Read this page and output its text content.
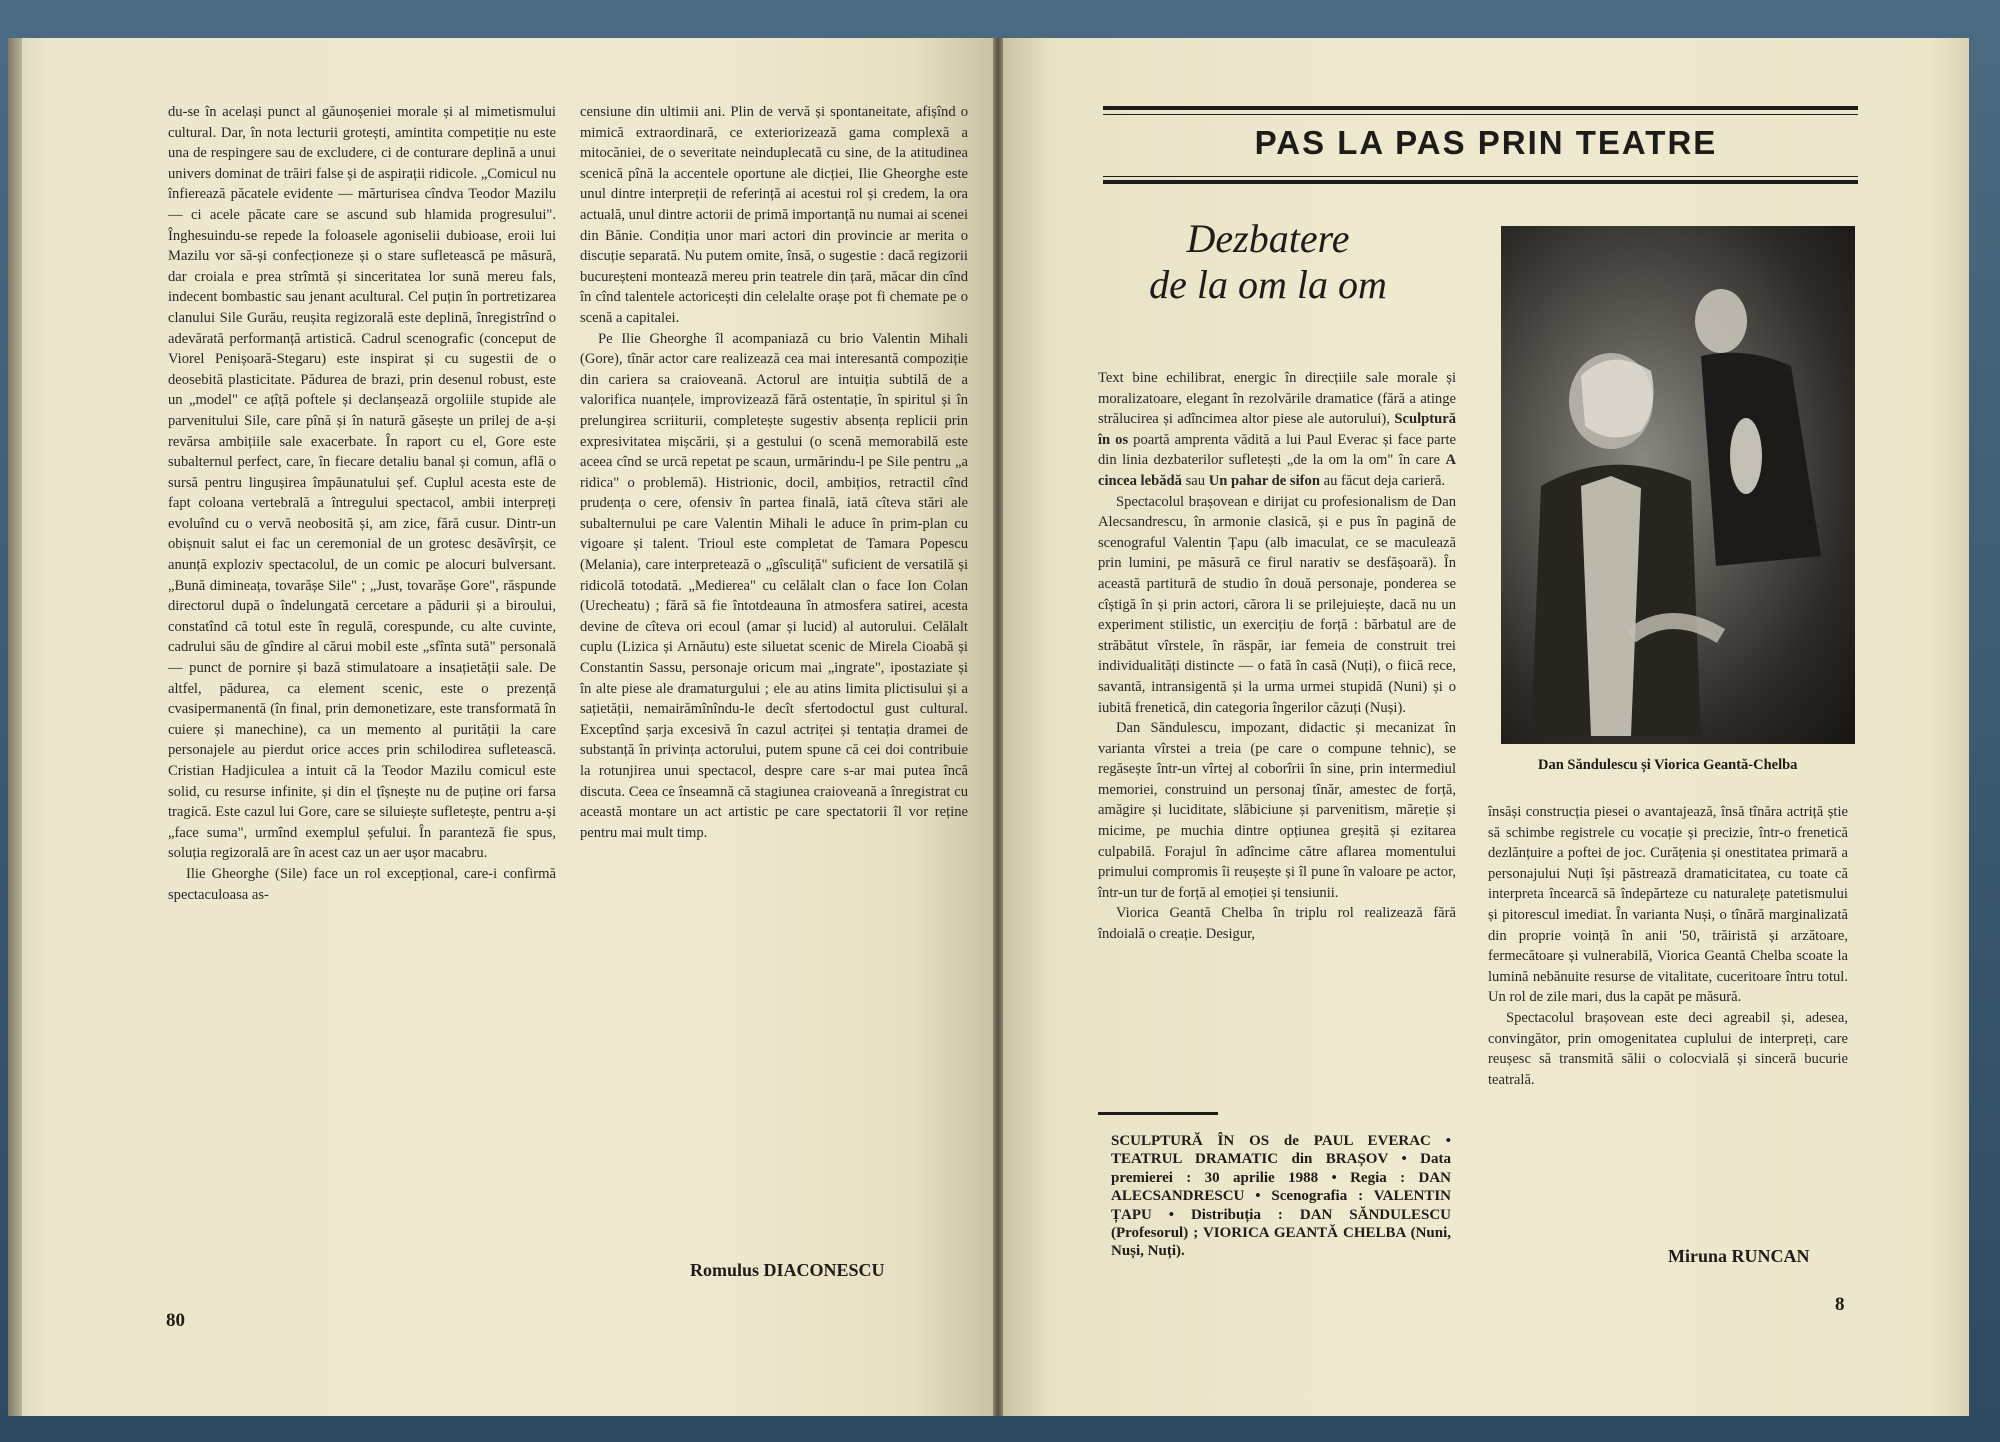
du-se în același punct al găunoșeniei morale și al mimetismului cultural. Dar, în nota lecturii grotești, amintita competiție nu este una de respingere sau de excludere, ci de conturare deplină a unui univers dominat de trăiri false și de aspirații ridicole. „Comicul nu înfierează păcatele evidente — mărturisea cîndva Teodor Mazilu — ci acele păcate care se ascund sub hlamida progresului". Înghesuindu-se repede la foloasele agoniselii dubioase, eroii lui Mazilu vor să-și confecționeze și o stare sufletească pe măsură, dar croiala e prea strîmtă și sinceritatea lor sună mereu fals, indecent bombastic sau jenant acultural. Cel puțin în portretizarea clanului Sile Gurău, reușita regizorală este deplină, înregistrînd o adevărată performanță artistică. Cadrul scenografic (conceput de Viorel Penișoară-Stegaru) este inspirat și cu sugestii de o deosebită plasticitate. Pădurea de brazi, prin desenul robust, este un „model" ce ațîță poftele și declanșează orgoliile stupide ale parvenitului Sile, care pînă și în natură găsește un prilej de a-și revărsa ambițiile sale exacerbate. În raport cu el, Gore este subalternul perfect, care, în fiecare detaliu banal și comun, află o sursă pentru lingușirea împăunatului șef. Cuplul acesta este de fapt coloana vertebrală a întregului spectacol, ambii interpreți evoluînd cu o vervă neobosită și, am zice, fără cusur. Dintr-un obișnuit salut ei fac un ceremonial de un grotesc desăvîrșit, ce anunță exploziv spectacolul, de un comic pe alocuri bulversant. „Bună dimineața, tovarășe Sile" ; „Just, tovarășe Gore", răspunde directorul după o îndelungată cercetare a pădurii și a biroului, constatînd că totul este în regulă, corespunde, cu alte cuvinte, cadrului său de gîndire al cărui mobil este „sfînta sută" personală — punct de pornire și bază stimulatoare a insațietății sale. De altfel, pădurea, ca element scenic, este o prezență cvasipermanentă (în final, prin demonetizare, este transformată în cuiere și manechine), ca un memento al purității la care personajele au pierdut orice acces prin schilodirea sufletească. Cristian Hadjiculea a intuit că la Teodor Mazilu comicul este solid, cu resurse infinite, și din el țîșnește nu de puține ori farsa tragică. Este cazul lui Gore, care se siluiește sufletește, pentru a-și „face suma", urmînd exemplul șefului. În paranteză fie spus, soluția regizorală are în acest caz un aer ușor macabru.

Ilie Gheorghe (Sile) face un rol excepțional, care-i confirmă spectaculoasa as-

censiune din ultimii ani. Plin de vervă și spontaneitate, afișînd o mimică extraordinară, ce exteriorizează gama complexă a mitocăniei, de o severitate neinduplecată cu sine, de la atitudinea scenică pînă la accentele oportune ale dicției, Ilie Gheorghe este unul dintre interpreții de referință ai acestui rol și credem, la ora actuală, unul dintre actorii de primă importanță nu numai ai scenei din Bănie. Condiția unor mari actori din provincie ar merita o discuție separată. Nu putem omite, însă, o sugestie : dacă regizorii bucureșteni montează mereu prin teatrele din țară, măcar din cînd în cînd talentele actoricești din celelalte orașe pot fi chemate pe o scenă a capitalei.

Pe Ilie Gheorghe îl acompaniază cu brio Valentin Mihali (Gore), tînăr actor care realizează cea mai interesantă compoziție din cariera sa craioveană. Actorul are intuiția subtilă de a valorifica nuanțele, improvizează fără ostentație, în spiritul și în prelungirea scriiturii, completește sugestiv absența replicii prin expresivitatea mișcării, și a gestului (o scenă memorabilă este aceea cînd se urcă repetat pe scaun, urmărindu-l pe Sile pentru „a ridica" o problemă). Histrionic, docil, ambițios, retractil cînd prudența o cere, ofensiv în partea finală, iată cîteva stări ale subalternului pe care Valentin Mihali le aduce în prim-plan cu vigoare și talent. Trioul este completat de Tamara Popescu (Melania), care interpretează o „gîsculiță" suficient de versatilă și ridicolă totodată. „Medierea" cu celălalt clan o face Ion Colan (Urecheatu) ; fără să fie întotdeauna în atmosfera satirei, acesta devine de cîteva ori ecoul (amar și lucid) al autorului. Celălalt cuplu (Lizica și Arnăutu) este siluetat scenic de Mirela Cioabă și Constantin Sassu, personaje oricum mai „ingrate", ipostaziate și în alte piese ale dramaturgului ; ele au atins limita plictisului și a sațietății, nemairămînîndu-le decît sfertodoctul gust cultural. Exceptînd șarja excesivă în cazul actriței și tentația dramei de substanță în privința actorului, putem spune că cei doi contribuie la rotunjirea unui spectacol, despre care s-ar mai putea încă discuta. Ceea ce înseamnă că stagiunea craioveană a înregistrat cu această montare un act artistic pe care spectatorii îl vor reține pentru mai mult timp.

Romulus DIACONESCU
80
PAS LA PAS PRIN TEATRE
Dezbatere
de la om la om
Dan Săndulescu și Viorica Geantă-Chelba

Text bine echilibrat, energic în direcțiile sale morale și moralizatoare, elegant în rezolvările dramatice (fără a atinge strălucirea și adîncimea altor piese ale autorului), Sculptură în os poartă amprenta vădită a lui Paul Everac și face parte din linia dezbaterilor sufletești „de la om la om" în care A cincea lebădă sau Un pahar de sifon au făcut deja carieră.

Spectacolul brașovean e dirijat cu profesionalism de Dan Alecsandrescu, în armonie clasică, și e pus în pagină de scenograful Valentin Țapu (alb imaculat, ce se maculează prin lumini, pe măsură ce firul narativ se desfășoară). În această partitură de studio în două personaje, ponderea se cîștigă în și prin actori, cărora li se prilejuiește, dacă nu un experiment stilistic, un exercițiu de forță : bărbatul are de străbătut vîrstele, în răspăr, iar femeia de construit trei individualități distincte — o fată în casă (Nuți), o fiică rece, savantă, intransigentă și la urma urmei stupidă (Nuni) și o iubită frenetică, din categoria îngerilor căzuți (Nuși).

Dan Săndulescu, impozant, didactic și mecanizat în varianta vîrstei a treia (pe care o compune tehnic), se regăsește într-un vîrtej al coborîrii în sine, prin intermediul memoriei, construind un personaj tînăr, amestec de forță, amăgire și luciditate, slăbiciune și parvenitism, măreție și micime, pe muchia dintre opțiunea greșită și ezitarea culpabilă. Forajul în adîncime către aflarea momentului primului compromis îi reușește și îl pune în valoare pe actor, într-un tur de forță al emoției și tensiunii.

Viorica Geantă Chelba în triplu rol realizează fără îndoială o creație. Desigur,

SCULPTURĂ ÎN OS de PAUL EVERAC • TEATRUL DRAMATIC din BRAȘOV • Data premierei : 30 aprilie 1988 • Regia : DAN ALECSANDRESCU • Scenografia : VALENTIN ȚAPU • Distribuția : DAN SĂNDULESCU (Profesorul) ; VIORICA GEANTĂ CHELBA (Nuni, Nuși, Nuți).

însăși construcția piesei o avantajează, însă tînăra actriță știe să schimbe registrele cu vocație și precizie, într-o frenetică dezlănțuire a poftei de joc. Curățenia și onestitatea primară a personajului Nuți își păstrează dramaticitatea, cu toate că interpreta încearcă să îndepărteze cu naturalețe patetismului și pitorescul imediat. În varianta Nuși, o tînără marginalizată din proprie voință în anii '50, trăiristă și arzătoare, fermecătoare și vulnerabilă, Viorica Geantă Chelba scoate la lumină nebănuite resurse de vitalitate, cuceritoare întru totul. Un rol de zile mari, dus la capăt pe măsură.

Spectacolul brașovean este deci agreabil și, adesea, convingător, prin omogenitatea cuplului de interpreți, care reușesc să transmită sălii o colocvială și sinceră bucurie teatrală.

Miruna RUNCAN
8
